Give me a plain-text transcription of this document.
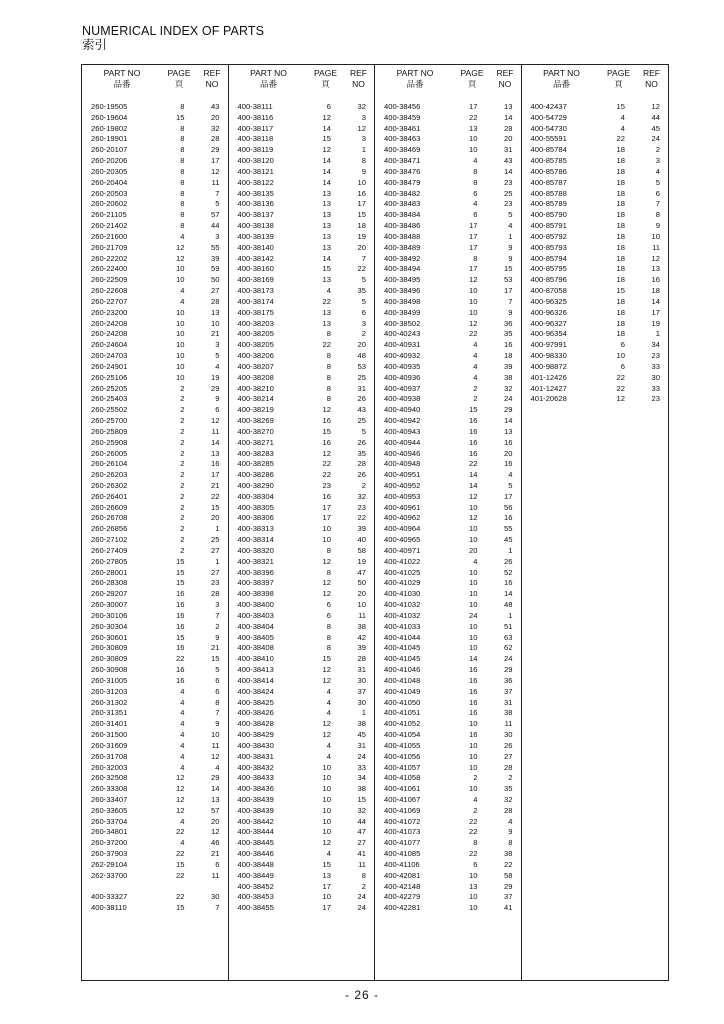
NUMERICAL INDEX OF PARTS
索引
PART NO
品番
PAGE
頁
REF
NO
260-19505	8	43
260-19604	15	20
260-19802	8	32
260-19901	8	28
260-20107	8	29
260-20206	8	17
260-20305	8	12
260-20404	8	11
260-20503	8	7
260-20602	8	5
260-21105	8	57
260-21402	8	44
260-21600	4	3
260-21709	12	55
260-22202	12	39
260-22400	10	59
260-22509	10	50
260-22608	4	27
260-22707	4	28
260-23200	10	13
260-24208	10	10
260-24208	10	21
260-24604	10	3
260-24703	10	5
260-24901	10	4
260-25106	10	19
260-25205	2	29
260-25403	2	9
260-25502	2	6
260-25700	2	12
260-25809	2	11
260-25908	2	14
260-26005	2	13
260-26104	2	16
260-26203	2	17
260-26302	2	21
260-26401	2	22
260-26609	2	15
260-26708	2	20
260-26856	2	1
260-27102	2	25
260-27409	2	27
260-27805	15	1
260-28001	15	27
260-28308	15	23
260-29207	16	28
260-30007	16	3
260-30106	16	7
260-30304	16	2
260-30601	15	9
260-30809	16	21
260-30809	22	15
260-30908	16	5
260-31005	16	6
260-31203	4	6
260-31302	4	8
260-31351	4	7
260-31401	4	9
260-31500	4	10
260-31609	4	11
260-31708	4	12
260-32003	4	4
260-32508	12	29
260-33308	12	14
260-33407	12	13
260-33605	12	57
260-33704	4	20
260-34801	22	12
260-37200	4	46
260-37903	22	21
262-29104	15	6
262-33700	22	11
400-33327	22	30
400-38110	15	7
PART NO
品番
PAGE
頁
REF
NO
400-38111	6	32
400-38116	12	3
400-38117	14	12
400-38118	15	3
400-38119	12	1
400-38120	14	8
400-38121	14	9
400-38122	14	10
400-38135	13	16
400-38136	13	17
400-38137	13	15
400-38138	13	18
400-38139	13	19
400-38140	13	20
400-38142	14	7
400-38160	15	22
400-38169	13	5
400-38173	4	35
400-38174	22	5
400-38175	13	6
400-38203	13	3
400-38205	8	2
400-38205	22	20
400-38206	8	48
400-38207	8	53
400-38208	8	25
400-38210	8	31
400-38214	8	26
400-38219	12	43
400-38269	16	25
400-38270	15	5
400-38271	16	26
400-38283	12	35
400-38285	22	28
400-38286	22	26
400-38290	23	2
400-38304	16	32
400-38305	17	23
400-38306	17	22
400-38313	10	39
400-38314	10	40
400-38320	8	58
400-38321	12	19
400-38396	8	47
400-38397	12	50
400-38398	12	20
400-38400	6	10
400-38403	6	11
400-38404	8	38
400-38405	8	42
400-38408	8	39
400-38410	15	28
400-38413	12	31
400-38414	12	30
400-38424	4	37
400-38425	4	30
400-38426	4	1
400-38428	12	38
400-38429	12	45
400-38430	4	31
400-38431	4	24
400-38432	10	33
400-38433	10	34
400-38436	10	38
400-38439	10	15
400-38439	10	32
400-38442	10	44
400-38444	10	47
400-38445	12	27
400-38446	4	41
400-38448	15	11
400-38449	13	8
400-38452	17	2
400-38453	10	24
400-38455	17	24
PART NO
品番
PAGE
頁
REF
NO
400-38456	17	13
400-38459	22	14
400-38461	13	28
400-38463	10	20
400-38469	10	31
400-38471	4	43
400-38476	8	14
400-38479	8	23
400-38482	6	25
400-38483	4	23
400-38484	6	5
400-38486	17	4
400-38488	17	1
400-38489	17	9
400-38492	8	9
400-38494	17	15
400-38495	12	53
400-38496	10	17
400-38498	10	7
400-38499	10	9
400-38502	12	36
400-40243	22	35
400-40931	4	16
400-40932	4	18
400-40935	4	39
400-40936	4	38
400-40937	2	32
400-40938	2	24
400-40940	15	29
400-40942	16	14
400-40943	16	13
400-40944	16	16
400-40946	16	20
400-40948	22	16
400-40951	14	4
400-40952	14	5
400-40953	12	17
400-40961	10	56
400-40962	12	16
400-40964	10	55
400-40965	10	45
400-40971	20	1
400-41022	4	26
400-41025	10	52
400-41029	10	16
400-41030	10	14
400-41032	10	48
400-41032	24	1
400-41033	10	51
400-41044	10	63
400-41045	10	62
400-41045	14	24
400-41046	16	29
400-41048	16	36
400-41049	16	37
400-41050	16	31
400-41051	16	38
400-41052	10	11
400-41054	16	30
400-41055	10	26
400-41056	10	27
400-41057	10	28
400-41058	2	2
400-41061	10	35
400-41067	4	32
400-41069	2	28
400-41072	22	4
400-41073	22	9
400-41077	8	8
400-41085	22	38
400-41106	6	22
400-42081	10	58
400-42148	13	29
400-42279	10	37
400-42281	10	41
PART NO
品番
PAGE
頁
REF
NO
400-42437	15	12
400-54729	4	44
400-54730	4	45
400-55591	22	24
400-85784	18	2
400-85785	18	3
400-85786	18	4
400-85787	18	5
400-85788	18	6
400-85789	18	7
400-85790	18	8
400-85791	18	9
400-85792	18	10
400-85793	18	11
400-85794	18	12
400-85795	18	13
400-85796	18	16
400-87058	15	18
400-96325	18	14
400-96326	18	17
400-96327	18	19
400-96354	18	1
400-97991	6	34
400-98330	10	23
400-98872	6	33
401-12426	22	30
401-12427	22	33
401-20628	12	23
- 26 -
